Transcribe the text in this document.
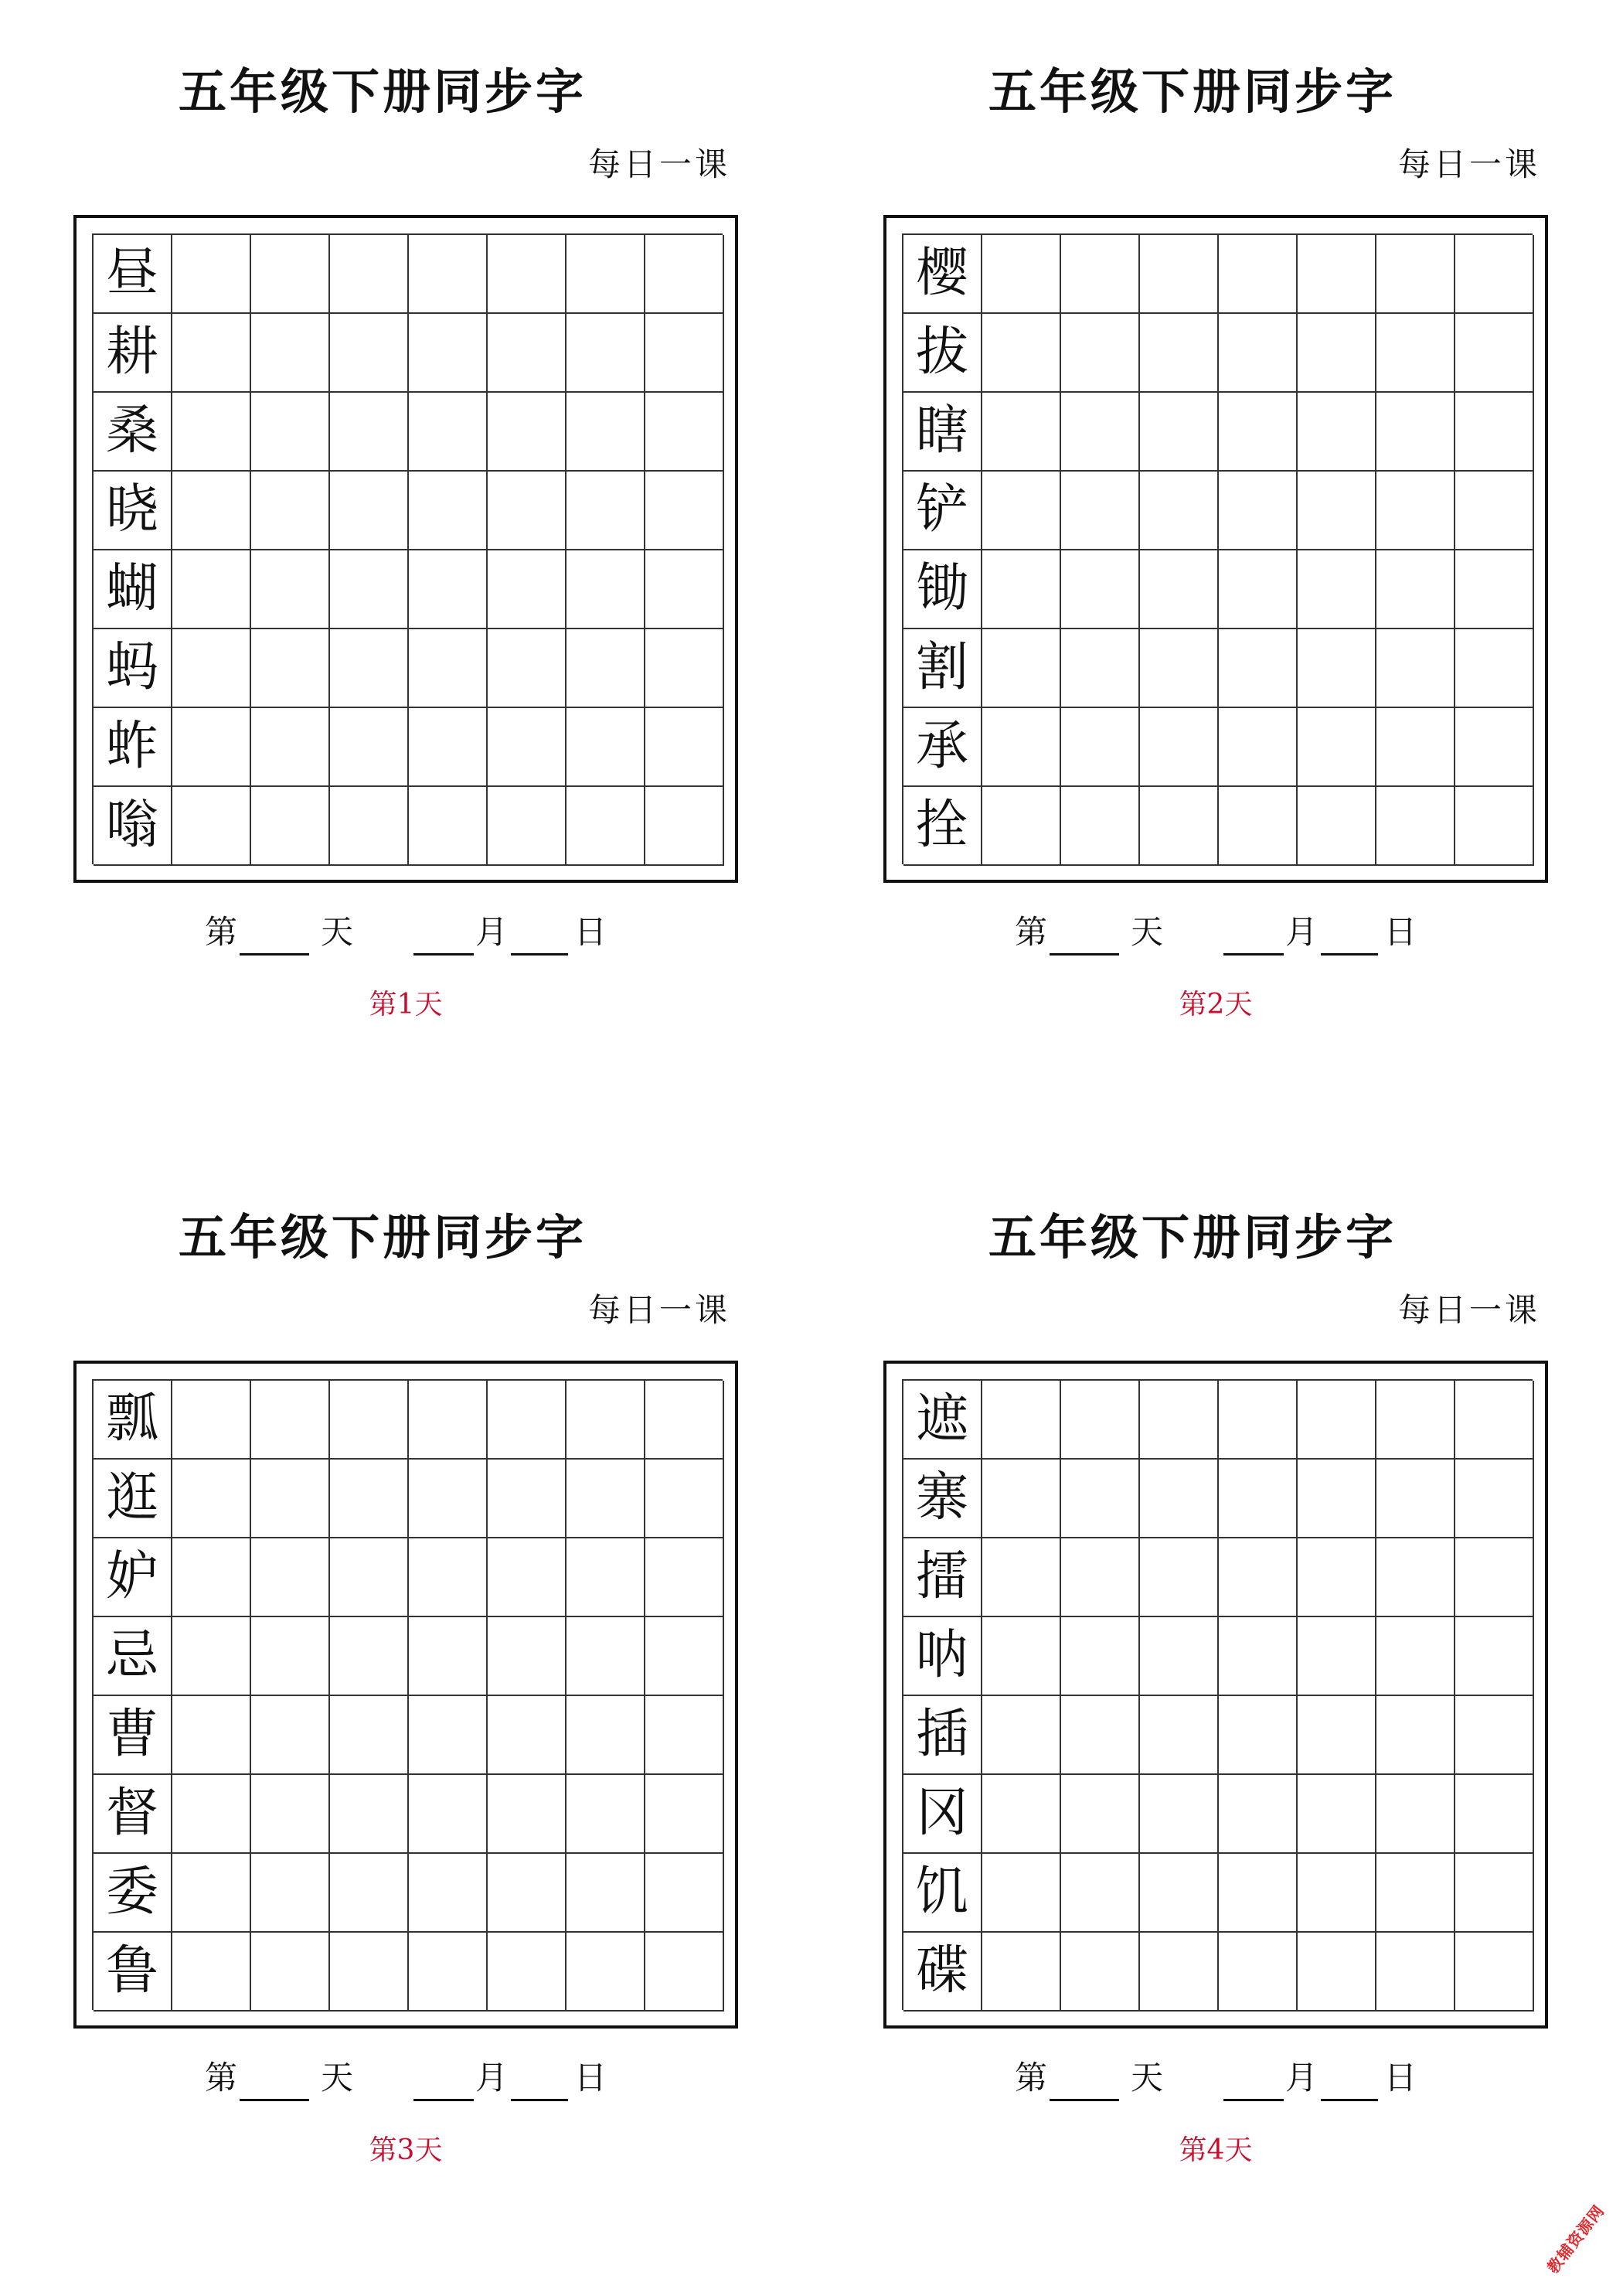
五年级下册同步字
每日一课
昼
耕
桑
晓
蝴
蚂
蚱
嗡
第	天	月 日
第1天
五年级下册同步字
每日一课
樱
拔
瞎
铲
锄
割
承
拴
第	天	月 日
第2天
五年级下册同步字
每日一课
瓢
逛
妒
忌
曹
督
委
鲁
第	天	月 日
第3天
五年级下册同步字
每日一课
遮
寨
擂
呐
插
冈
饥
碟
第	天	月 日
第4天
教辅资源网
